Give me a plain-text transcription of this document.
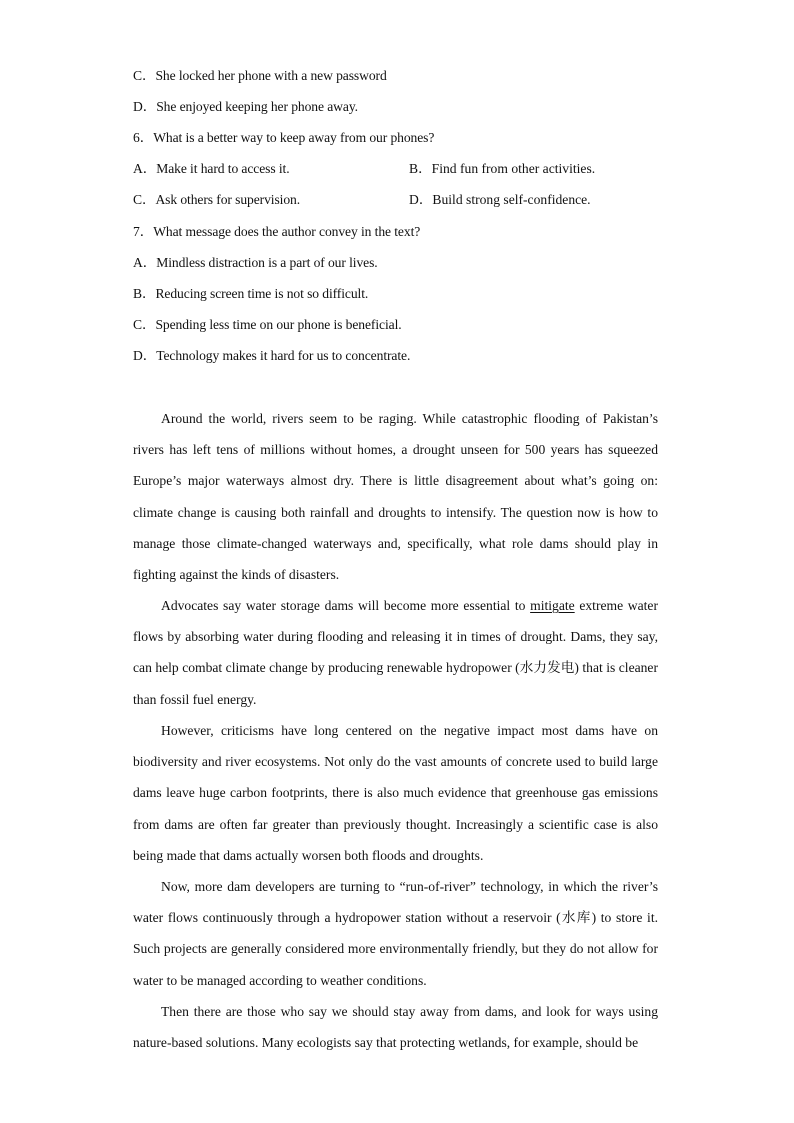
C．She locked her phone with a new password
D．She enjoyed keeping her phone away.
6．What is a better way to keep away from our phones?
A．Make it hard to access it.	B．Find fun from other activities.
C．Ask others for supervision.	D．Build strong self-confidence.
7．What message does the author convey in the text?
A．Mindless distraction is a part of our lives.
B．Reducing screen time is not so difficult.
C．Spending less time on our phone is beneficial.
D．Technology makes it hard for us to concentrate.
Around the world, rivers seem to be raging. While catastrophic flooding of Pakistan’s rivers has left tens of millions without homes, a drought unseen for 500 years has squeezed Europe’s major waterways almost dry. There is little disagreement about what’s going on: climate change is causing both rainfall and droughts to intensify. The question now is how to manage those climate-changed waterways and, specifically, what role dams should play in fighting against the kinds of disasters.
Advocates say water storage dams will become more essential to mitigate extreme water flows by absorbing water during flooding and releasing it in times of drought. Dams, they say, can help combat climate change by producing renewable hydropower (水力发电) that is cleaner than fossil fuel energy.
However, criticisms have long centered on the negative impact most dams have on biodiversity and river ecosystems. Not only do the vast amounts of concrete used to build large dams leave huge carbon footprints, there is also much evidence that greenhouse gas emissions from dams are often far greater than previously thought. Increasingly a scientific case is also being made that dams actually worsen both floods and droughts.
Now, more dam developers are turning to “run-of-river” technology, in which the river’s water flows continuously through a hydropower station without a reservoir (水库) to store it. Such projects are generally considered more environmentally friendly, but they do not allow for water to be managed according to weather conditions.
Then there are those who say we should stay away from dams, and look for ways using nature-based solutions. Many ecologists say that protecting wetlands, for example, should be
